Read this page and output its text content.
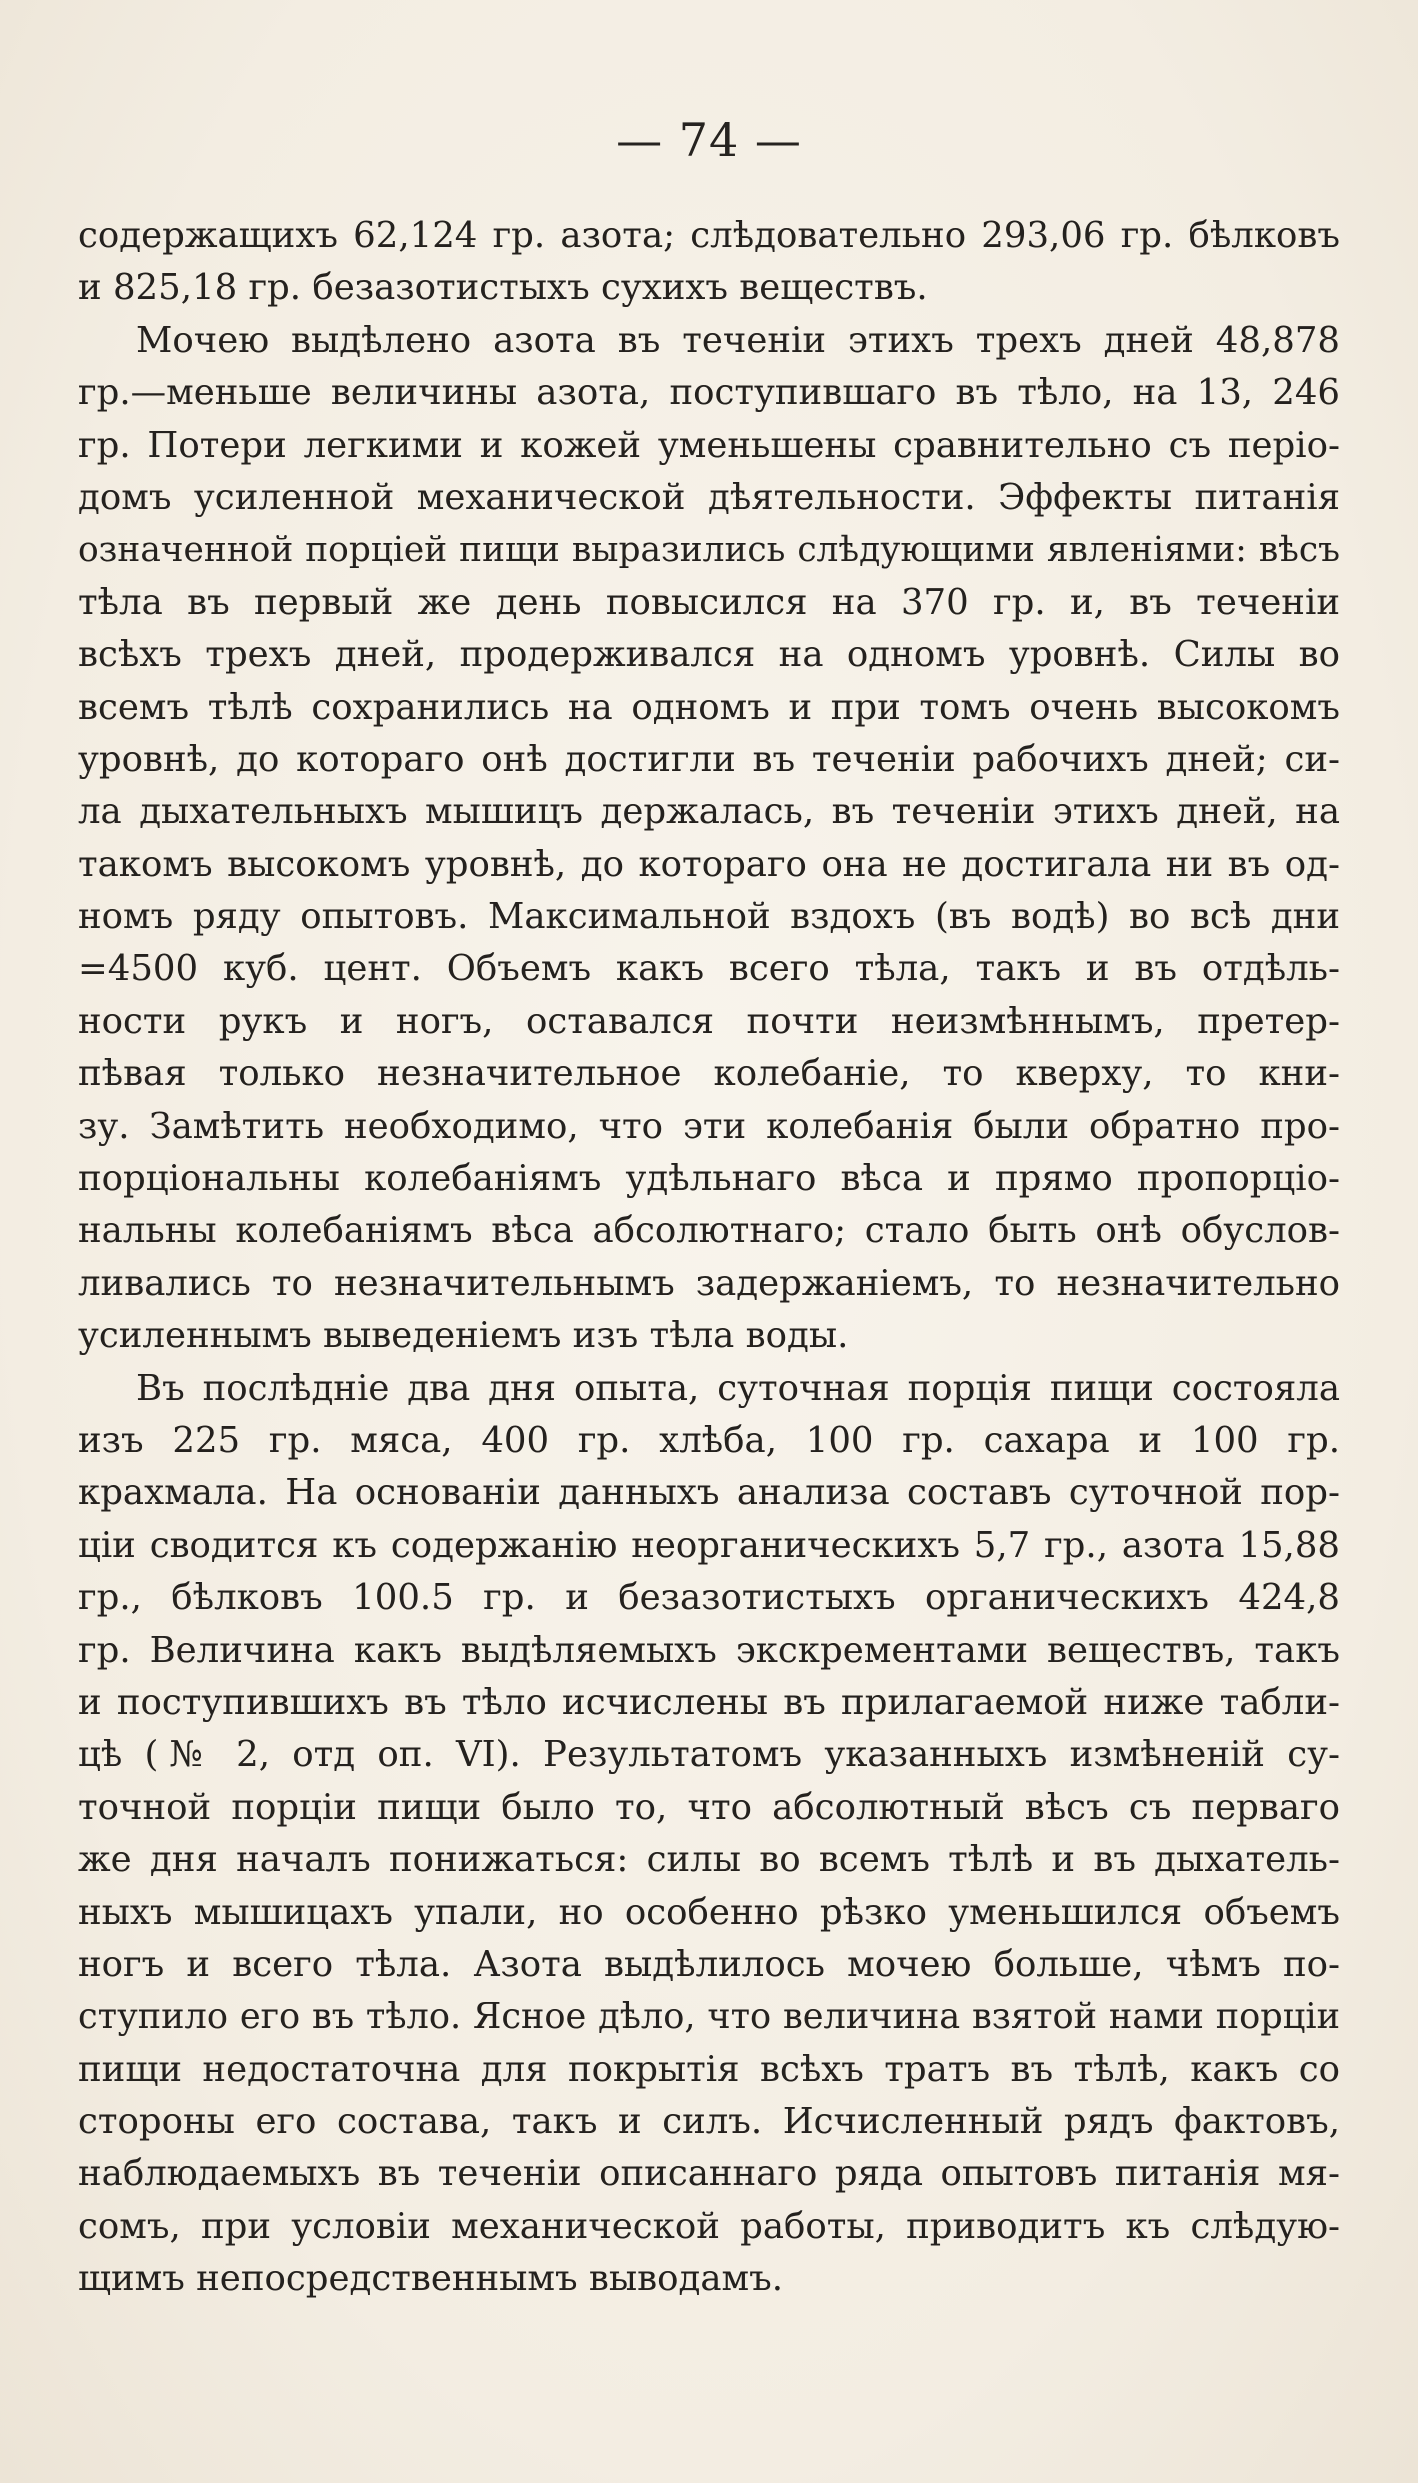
— 74 —
содержащихъ 62,124 гр. азота; слѣдовательно 293,06 гр. бѣлковъ
и 825,18 гр. безазотистыхъ сухихъ веществъ.
Мочею выдѣлено азота въ теченіи этихъ трехъ дней 48,878
гр.—меньше величины азота, поступившаго въ тѣло, на 13, 246
гр. Потери легкими и кожей уменьшены сравнительно съ періо-
домъ усиленной механической дѣятельности. Эффекты питанія
означенной порціей пищи выразились слѣдующими явленіями: вѣсъ
тѣла въ первый же день повысился на 370 гр. и, въ теченіи
всѣхъ трехъ дней, продерживался на одномъ уровнѣ. Силы во
всемъ тѣлѣ сохранились на одномъ и при томъ очень высокомъ
уровнѣ, до котораго онѣ достигли въ теченіи рабочихъ дней; си-
ла дыхательныхъ мышицъ держалась, въ теченіи этихъ дней, на
такомъ высокомъ уровнѣ, до котораго она не достигала ни въ од-
номъ ряду опытовъ. Максимальной вздохъ (въ водѣ) во всѣ дни
=4500 куб. цент. Объемъ какъ всего тѣла, такъ и въ отдѣль-
ности рукъ и ногъ, оставался почти неизмѣннымъ, претер-
пѣвая только незначительное колебаніе, то кверху, то кни-
зу. Замѣтить необходимо, что эти колебанія были обратно про-
порціональны колебаніямъ удѣльнаго вѣса и прямо пропорціо-
нальны колебаніямъ вѣса абсолютнаго; стало быть онѣ обуслов-
ливались то незначительнымъ задержаніемъ, то незначительно
усиленнымъ выведеніемъ изъ тѣла воды.
Въ послѣдніе два дня опыта, суточная порція пищи состояла
изъ 225 гр. мяса, 400 гр. хлѣба, 100 гр. сахара и 100 гр.
крахмала. На основаніи данныхъ анализа составъ суточной пор-
ціи сводится къ содержанію неорганическихъ 5,7 гр., азота 15,88
гр., бѣлковъ 100.5 гр. и безазотистыхъ органическихъ 424,8
гр. Величина какъ выдѣляемыхъ экскрементами веществъ, такъ
и поступившихъ въ тѣло исчислены въ прилагаемой ниже табли-
цѣ (№ 2, отд оп. VI). Результатомъ указанныхъ измѣненій су-
точной порціи пищи было то, что абсолютный вѣсъ съ перваго
же дня началъ понижаться: силы во всемъ тѣлѣ и въ дыхатель-
ныхъ мышицахъ упали, но особенно рѣзко уменьшился объемъ
ногъ и всего тѣла. Азота выдѣлилось мочею больше, чѣмъ по-
ступило его въ тѣло. Ясное дѣло, что величина взятой нами порціи
пищи недостаточна для покрытія всѣхъ тратъ въ тѣлѣ, какъ со
стороны его состава, такъ и силъ. Исчисленный рядъ фактовъ,
наблюдаемыхъ въ теченіи описаннаго ряда опытовъ питанія мя-
сомъ, при условіи механической работы, приводитъ къ слѣдую-
щимъ непосредственнымъ выводамъ.
